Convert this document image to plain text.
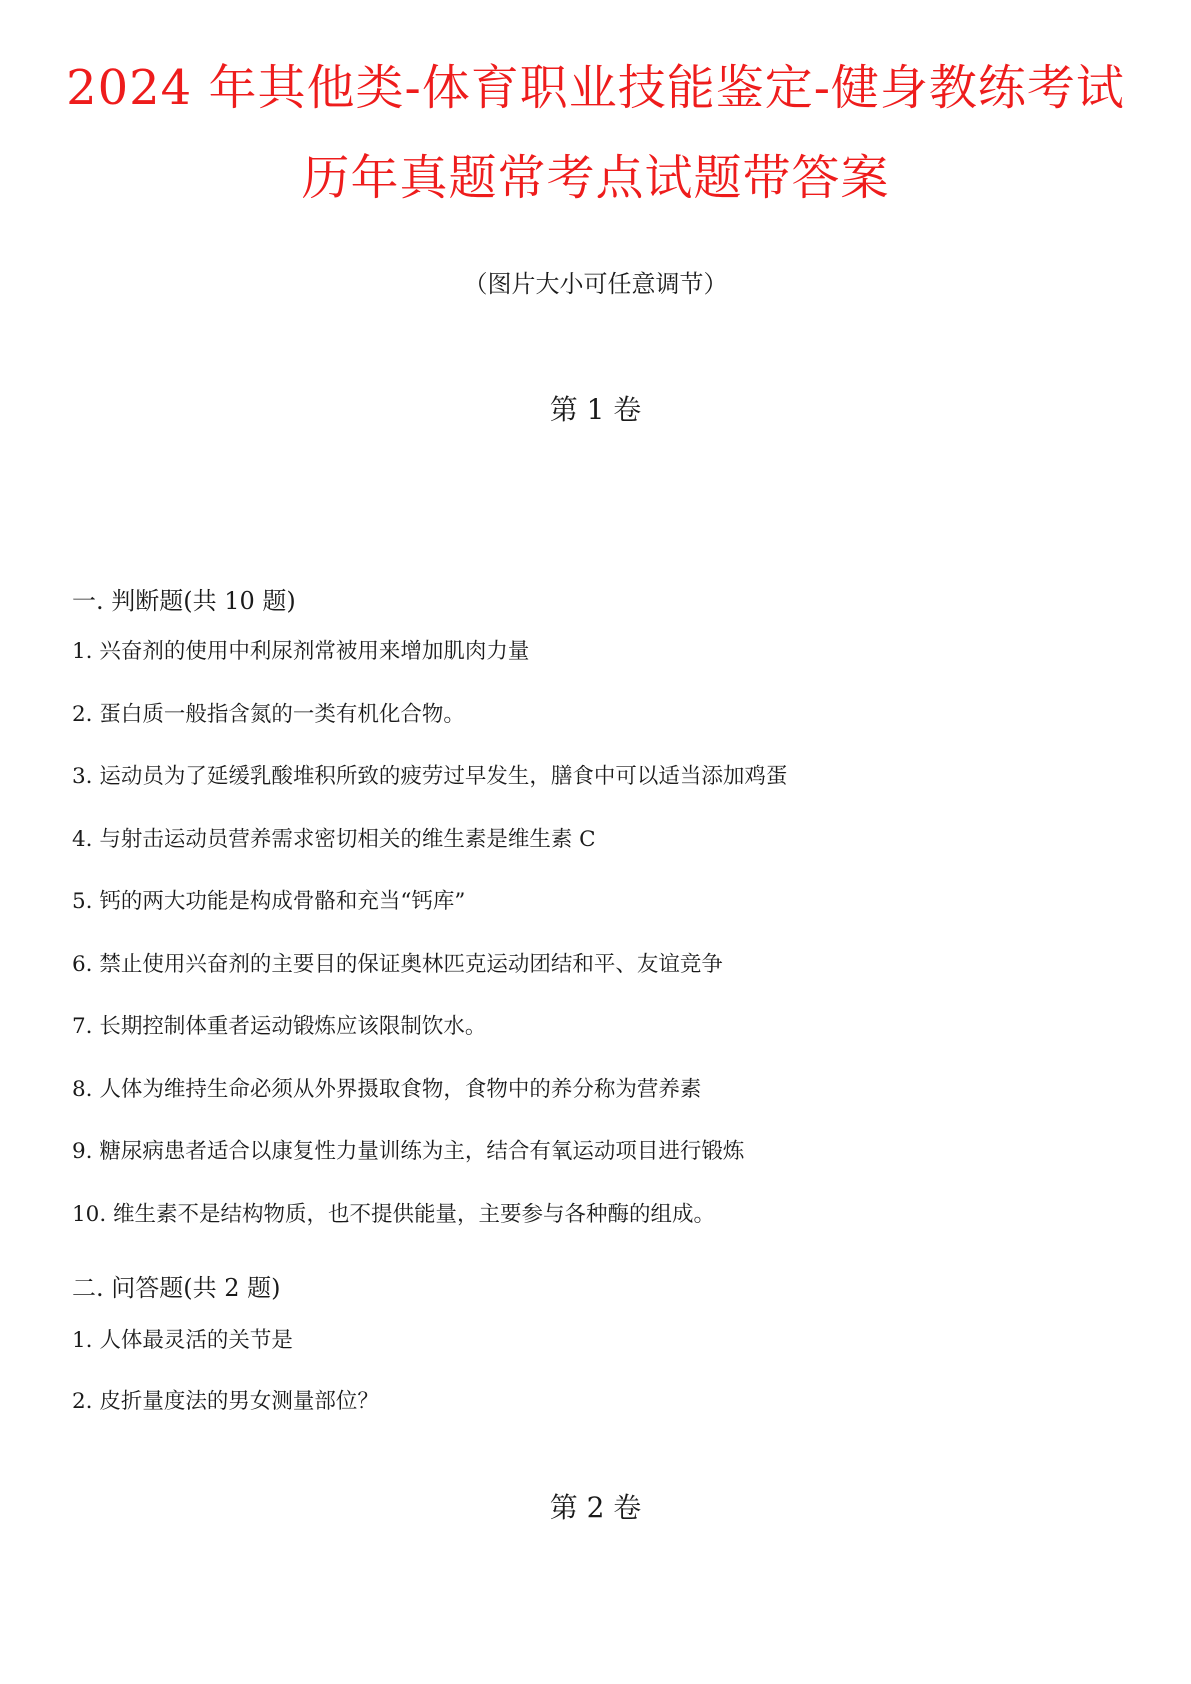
2024 年其他类-体育职业技能鉴定-健身教练考试
历年真题常考点试题带答案
（图片大小可任意调节）
第 1 卷
一. 判断题(共 10 题)
1. 兴奋剂的使用中利尿剂常被用来增加肌肉力量
2. 蛋白质一般指含氮的一类有机化合物。
3. 运动员为了延缓乳酸堆积所致的疲劳过早发生，膳食中可以适当添加鸡蛋
4. 与射击运动员营养需求密切相关的维生素是维生素 C
5. 钙的两大功能是构成骨骼和充当“钙库”
6. 禁止使用兴奋剂的主要目的保证奥林匹克运动团结和平、友谊竞争
7. 长期控制体重者运动锻炼应该限制饮水。
8. 人体为维持生命必须从外界摄取食物，食物中的养分称为营养素
9. 糖尿病患者适合以康复性力量训练为主，结合有氧运动项目进行锻炼
10. 维生素不是结构物质，也不提供能量，主要参与各种酶的组成。
二. 问答题(共 2 题)
1. 人体最灵活的关节是
2. 皮折量度法的男女测量部位？
第 2 卷
